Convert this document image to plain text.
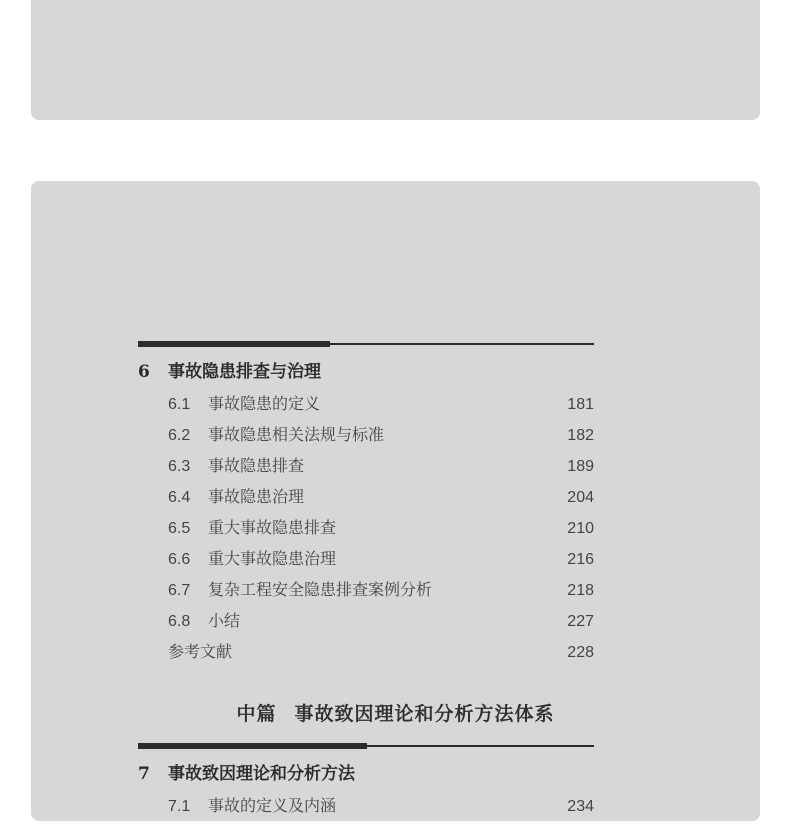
6	事故隐患排查与治理
6.1	事故隐患的定义	181
6.2	事故隐患相关法规与标准	182
6.3	事故隐患排查	189
6.4	事故隐患治理	204
6.5	重大事故隐患排查	210
6.6	重大事故隐患治理	216
6.7	复杂工程安全隐患排查案例分析	218
6.8	小结	227
参考文献	228
中篇 事故致因理论和分析方法体系
7	事故致因理论和分析方法
7.1	事故的定义及内涵	234
